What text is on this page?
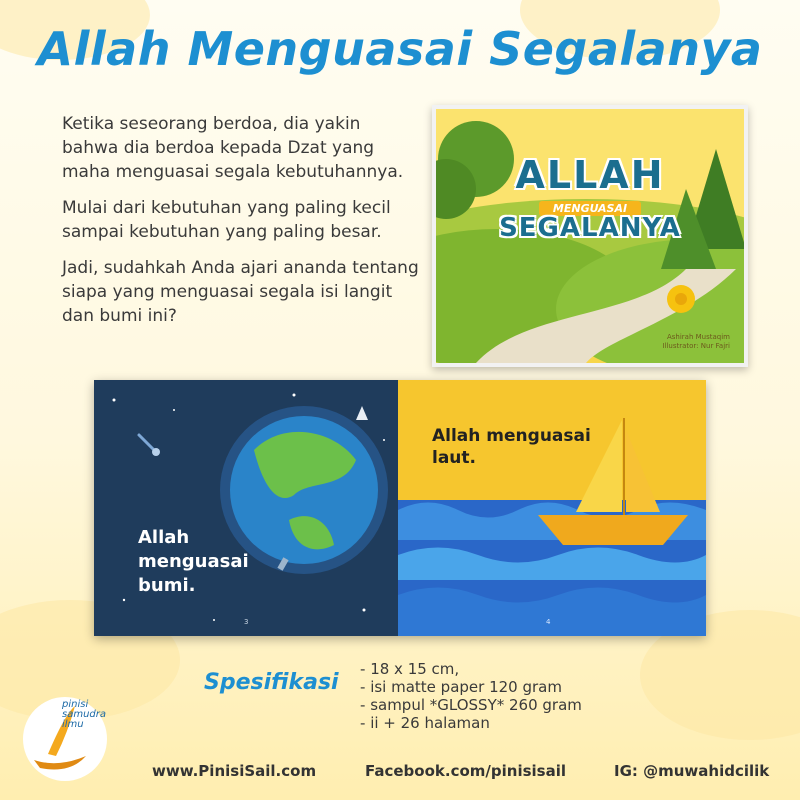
Allah Menguasai Segalanya

Ketika seseorang berdoa, dia yakin bahwa dia berdoa kepada Dzat yang maha menguasai segala kebutuhannya.

Mulai dari kebutuhan yang paling kecil sampai kebutuhan yang paling besar.

Jadi, sudahkah Anda ajari ananda tentang siapa yang menguasai segala isi langit dan bumi ini?

ALLAH
MENGUASAI
SEGALANYA
Ashirah Mustaqim
Illustrator: Nur Fajri
Allah menguasai bumi.
3
Allah menguasai laut.
4
Spesifikasi
- 18 x 15 cm,
- isi matte paper 120 gram
- sampul *GLOSSY* 260 gram
- ii + 26 halaman
pinisi
samudra
ilmu
www.PinisiSail.com	Facebook.com/pinisisail	IG: @muwahidcilik
